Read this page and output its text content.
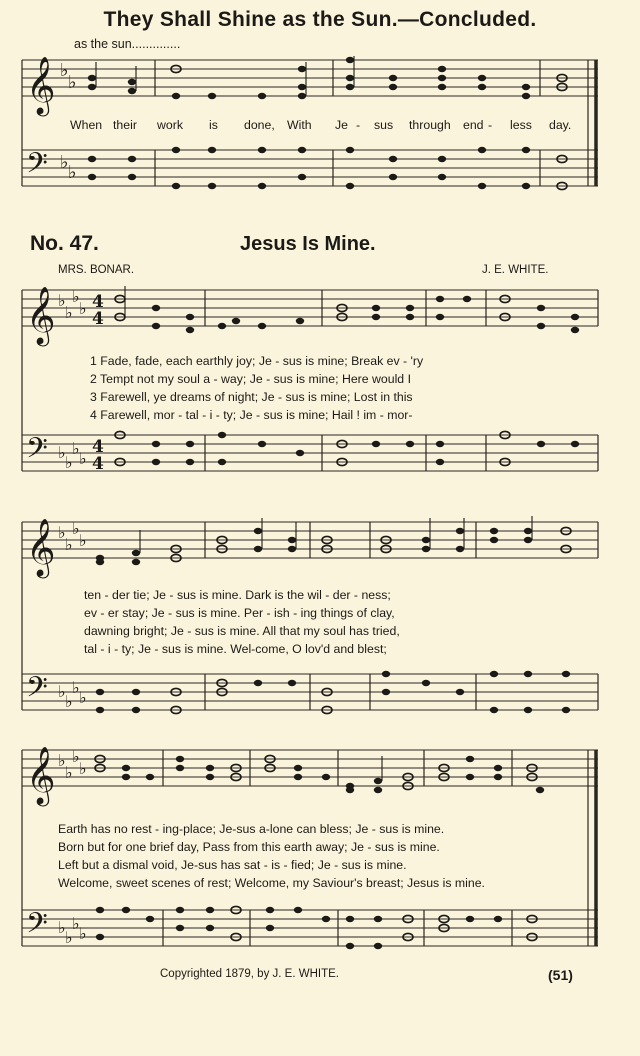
They Shall Shine as the Sun.—Concluded.
as the sun..............
𝄞
𝄢
♭
♭
♭ ♭
When their work is done, With Je - sus through end - less day.
No. 47.	Jesus Is Mine.
MRS. BONAR.	J. E. WHITE.
𝄞
𝄢
♭
♭
♭
♭
♭
♭
♭
♭
4
4
4
4
1 Fade, fade, each earthly joy; Je - sus is mine; Break ev - 'ry
2 Tempt not my soul a - way; Je - sus is mine; Here would I
3 Farewell, ye dreams of night; Je - sus is mine; Lost in this
4 Farewell, mor - tal - i - ty; Je - sus is mine; Hail ! im - mor-
𝄞
𝄢
♭
♭
♭
♭
♭
♭
♭
♭
ten - der tie; Je - sus is mine. Dark is the wil - der - ness;
ev - er stay; Je - sus is mine. Per - ish - ing things of clay,
dawning bright; Je - sus is mine. All that my soul has tried,
tal - i - ty; Je - sus is mine. Wel-come, O lov'd and blest;
𝄞
𝄢
♭
♭
♭
♭
♭
♭
♭
♭
Earth has no rest - ing-place; Je-sus a-lone can bless; Je - sus is mine.
Born but for one brief day, Pass from this earth away; Je - sus is mine.
Left but a dismal void, Je-sus has sat - is - fied; Je - sus is mine.
Welcome, sweet scenes of rest; Welcome, my Saviour's breast; Jesus is mine.
Copyrighted 1879, by J. E. WHITE.	(51)
